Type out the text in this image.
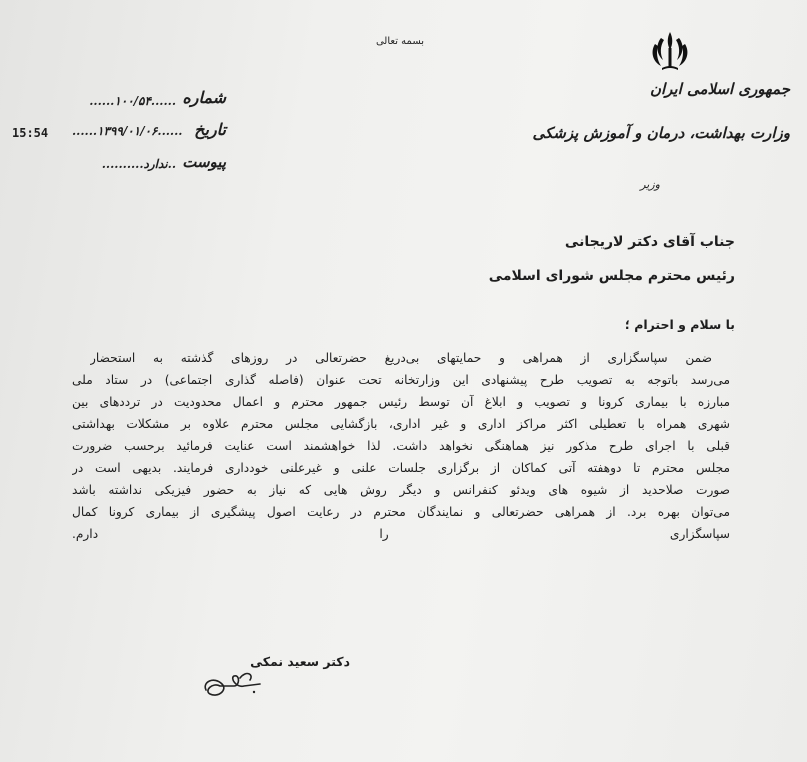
بسمه تعالی
جمهوری اسلامی ایران
وزارت بهداشت، درمان و آموزش پزشکی
وزیر
شماره
......۱۰۰/۵۴......
تاریخ
......۱۳۹۹/۰۱/۰۶......
پیوست
..ندارد..........
15:54
جناب آقای دکتر لاریجانی
رئیس محترم مجلس شورای اسلامی
با سلام و احترام ؛
ضمن سپاسگزاری از همراهی و حمایتهای بی‌دریغ حضرتعالی در روزهای گذشته به استحضار
می‌رسد باتوجه به تصویب طرح پیشنهادی این وزارتخانه تحت عنوان (فاصله گذاری اجتماعی) در ستاد ملی
مبارزه با بیماری کرونا و تصویب و ابلاغ آن توسط رئیس جمهور محترم و اعمال محدودیت در ترددهای بین
شهری همراه با تعطیلی اکثر مراکز اداری و غیر اداری، بازگشایی مجلس محترم علاوه بر مشکلات بهداشتی
قبلی با اجرای طرح مذکور نیز هماهنگی نخواهد داشت. لذا خواهشمند است عنایت فرمائید برحسب ضرورت
مجلس محترم تا دوهفته آتی کماکان از برگزاری جلسات علنی و غیرعلنی خودداری فرمایند. بدیهی است در
صورت صلاحدید از شیوه های ویدئو کنفرانس و دیگر روش هایی که نیاز به حضور فیزیکی نداشته باشد
می‌توان بهره برد. از همراهی حضرتعالی و نمایندگان محترم در رعایت اصول پیشگیری از بیماری کرونا کمال
سپاسگزاری را دارم.
دکتر سعید نمکی
